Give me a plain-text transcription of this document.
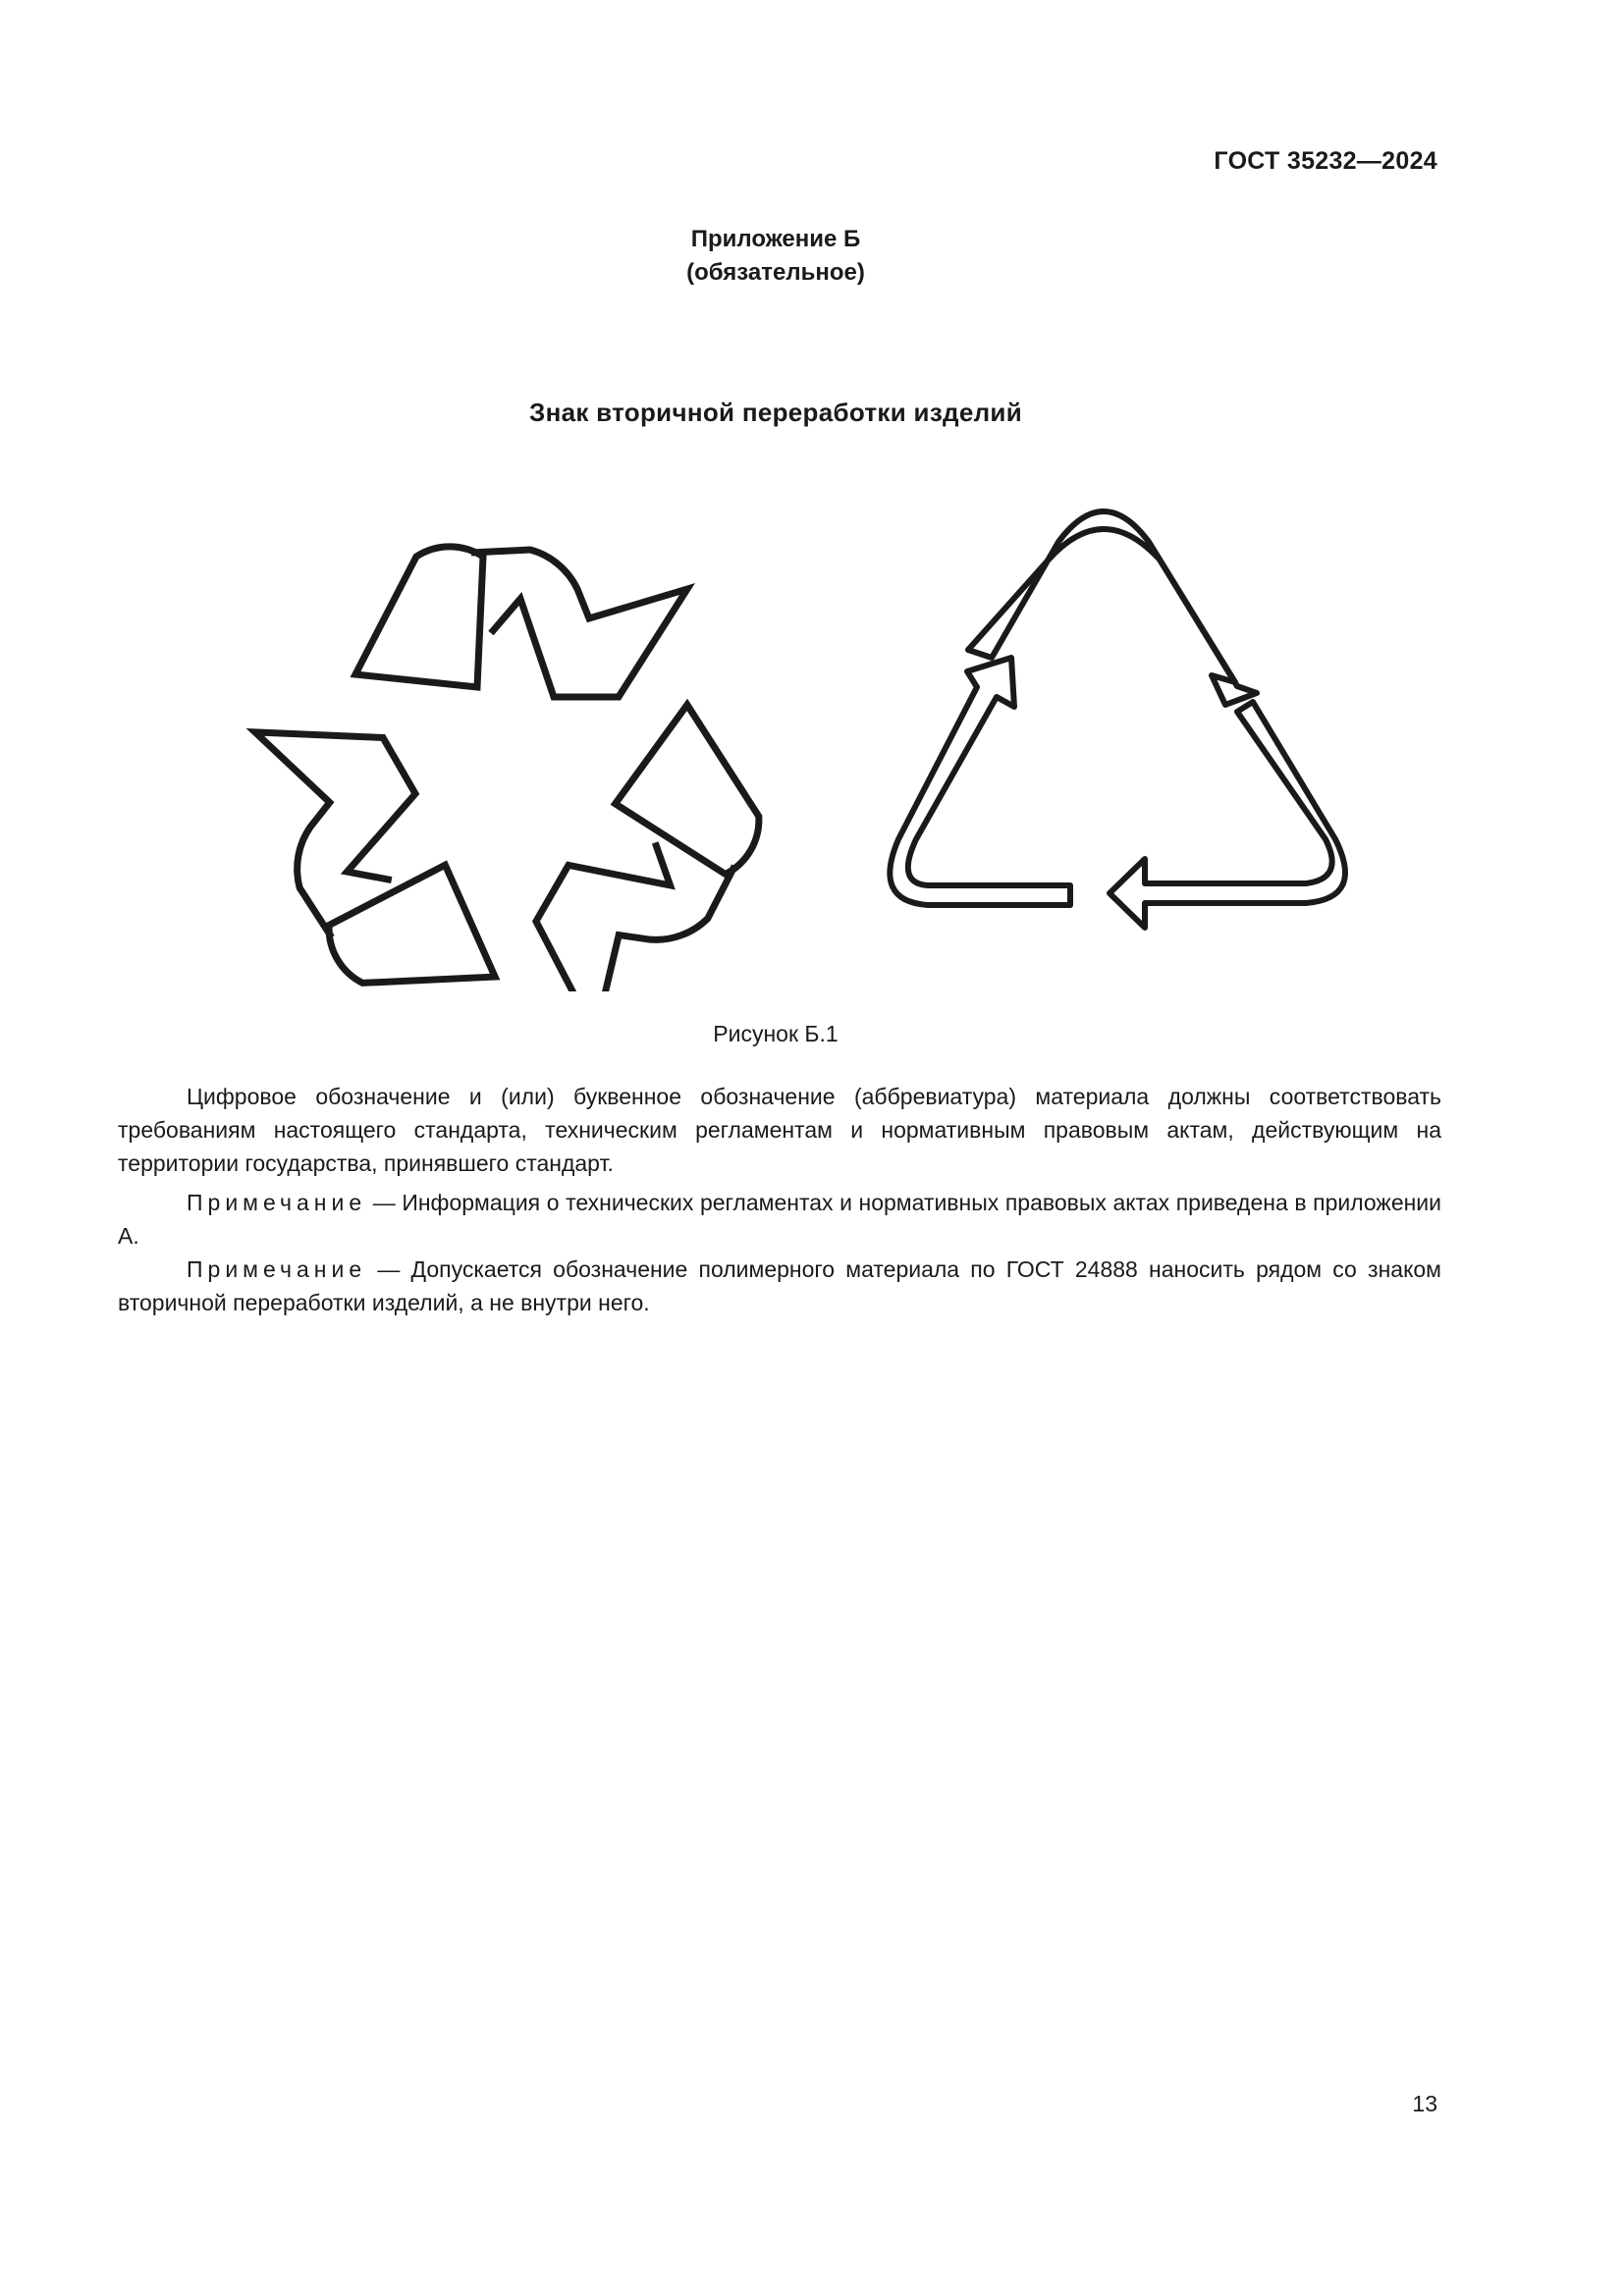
ГОСТ 35232—2024
Приложение Б
(обязательное)
Знак вторичной переработки изделий
Рисунок Б.1
Цифровое обозначение и (или) буквенное обозначение (аббревиатура) материала должны соответствовать требованиям настоящего стандарта, техническим регламентам и нормативным правовым актам, действующим на территории государства, принявшего стандарт.
Примечание — Информация о технических регламентах и нормативных правовых актах приведена в приложении А.
Примечание — Допускается обозначение полимерного материала по ГОСТ 24888 наносить рядом со знаком вторичной переработки изделий, а не внутри него.
13
